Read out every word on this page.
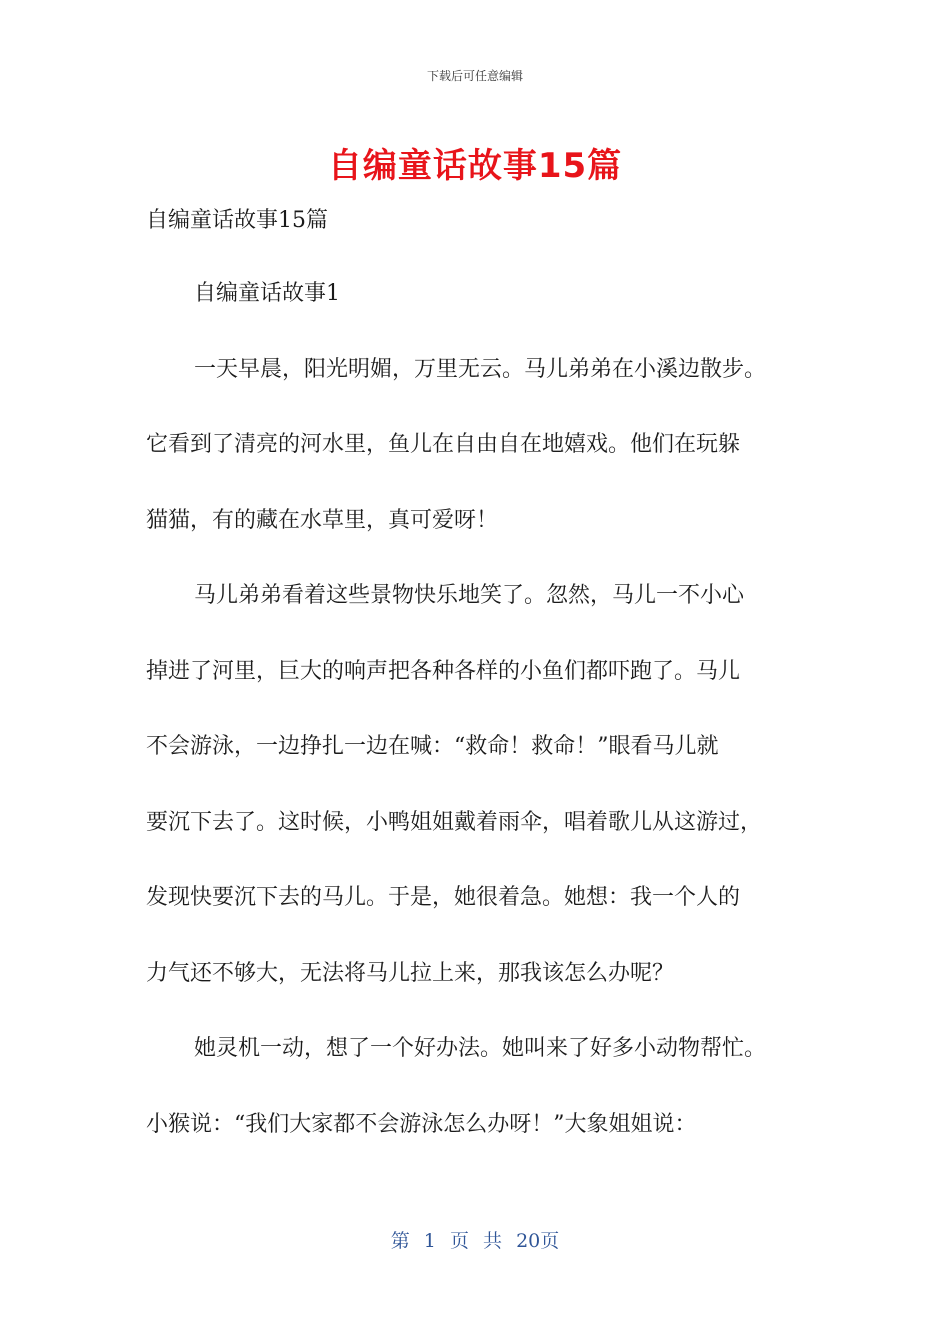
下载后可任意编辑
自编童话故事15篇
自编童话故事15篇

自编童话故事1

一天早晨，阳光明媚，万里无云。马儿弟弟在小溪边散步。
它看到了清亮的河水里，鱼儿在自由自在地嬉戏。他们在玩躲
猫猫，有的藏在水草里，真可爱呀！

马儿弟弟看着这些景物快乐地笑了。忽然，马儿一不小心
掉进了河里，巨大的响声把各种各样的小鱼们都吓跑了。马儿
不会游泳，一边挣扎一边在喊：“救命！救命！”眼看马儿就
要沉下去了。这时候，小鸭姐姐戴着雨伞，唱着歌儿从这游过，
发现快要沉下去的马儿。于是，她很着急。她想：我一个人的
力气还不够大，无法将马儿拉上来，那我该怎么办呢？

她灵机一动，想了一个好办法。她叫来了好多小动物帮忙。
小猴说：“我们大家都不会游泳怎么办呀！”大象姐姐说：

第 1 页 共 20页
